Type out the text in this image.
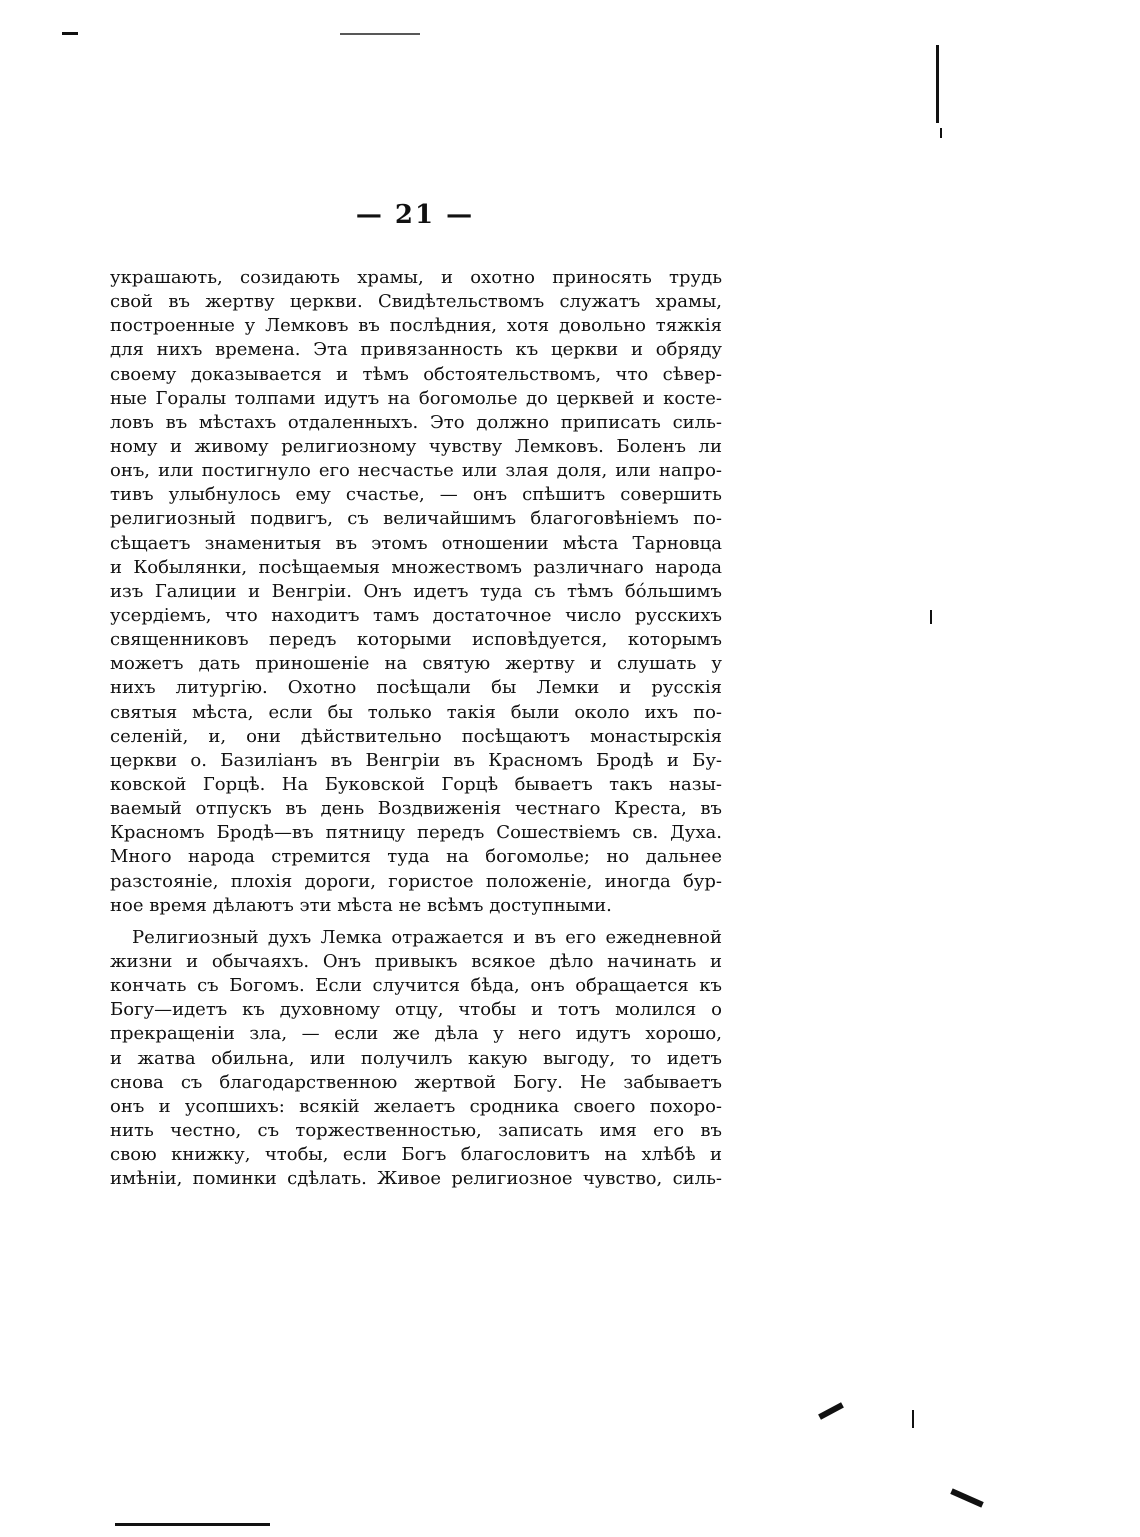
— 21 —
украшають, созидають храмы, и охотно приносять трудь
свой въ жертву церкви. Свидѣтельствомъ служатъ храмы,
построенные у Лемковъ въ послѣдния, хотя довольно тяжкія
для нихъ времена. Эта привязанность къ церкви и обряду
своему доказывается и тѣмъ обстоятельствомъ, что сѣвер-
ные Горалы толпами идутъ на богомолье до церквей и косте-
ловъ въ мѣстахъ отдаленныхъ. Это должно приписать силь-
ному и живому религиозному чувству Лемковъ. Боленъ ли
онъ, или постигнуло его несчастье или злая доля, или напро-
тивъ улыбнулось ему счастье, — онъ спѣшитъ совершить
религиозный подвигъ, съ величайшимъ благоговѣніемъ по-
сѣщаетъ знаменитыя въ этомъ отношении мѣста Тарновца
и Кобылянки, посѣщаемыя множествомъ различнаго народа
изъ Галиции и Венгріи. Онъ идетъ туда съ тѣмъ бо́льшимъ
усердіемъ, что находитъ тамъ достаточное число русскихъ
священниковъ передъ которыми исповѣдуется, которымъ
можетъ дать приношеніе на святую жертву и слушать у
нихъ литургію. Охотно посѣщали бы Лемки и русскія
святыя мѣста, если бы только такія были около ихъ по-
селеній, и, они дѣйствительно посѣщаютъ монастырскія
церкви о. Базиліанъ въ Венгріи въ Красномъ Бродѣ и Бу-
ковской Горцѣ. На Буковской Горцѣ бываетъ такъ назы-
ваемый отпускъ въ день Воздвиженія честнаго Креста, въ
Красномъ Бродѣ—въ пятницу передъ Сошествіемъ св. Духа.
Много народа стремится туда на богомолье; но дальнее
разстояніе, плохія дороги, гористое положеніе, иногда бур-
ное время дѣлаютъ эти мѣста не всѣмъ доступными.
Религиозный духъ Лемка отражается и въ его ежедневной
жизни и обычаяхъ. Онъ привыкъ всякое дѣло начинать и
кончать съ Богомъ. Если случится бѣда, онъ обращается къ
Богу—идетъ къ духовному отцу, чтобы и тотъ молился о
прекращеніи зла, — если же дѣла у него идутъ хорошо,
и жатва обильна, или получилъ какую выгоду, то идетъ
снова съ благодарственною жертвой Богу. Не забываетъ
онъ и усопшихъ: всякій желаетъ сродника своего похоро-
нить честно, съ торжественностью, записать имя его въ
свою книжку, чтобы, если Богъ благословитъ на хлѣбѣ и
имѣніи, поминки сдѣлать. Живое религиозное чувство, силь-
